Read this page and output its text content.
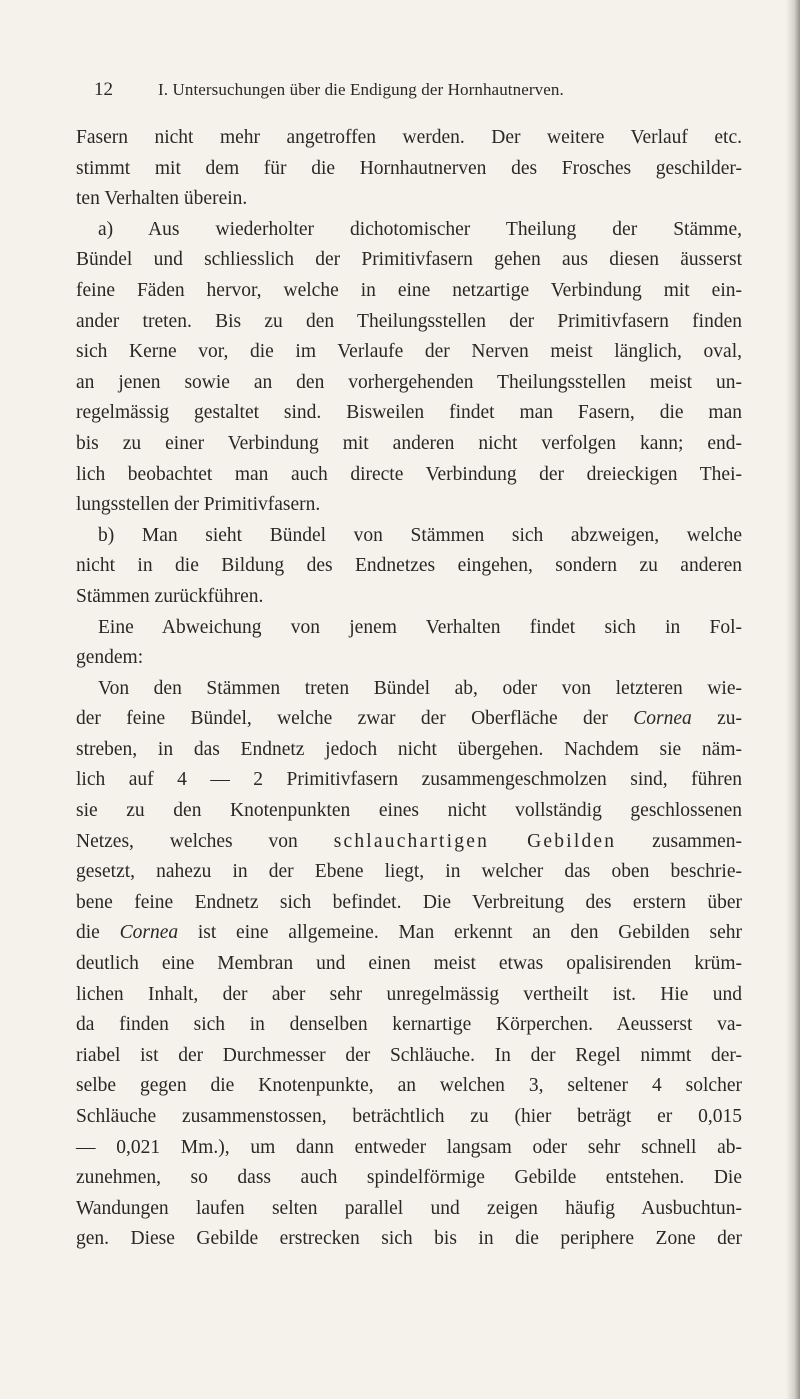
12	I. Untersuchungen über die Endigung der Hornhautnerven.
Fasern nicht mehr angetroffen werden. Der weitere Verlauf etc.
stimmt mit dem für die Hornhautnerven des Frosches geschilder-
ten Verhalten überein.
a) Aus wiederholter dichotomischer Theilung der Stämme,
Bündel und schliesslich der Primitivfasern gehen aus diesen äusserst
feine Fäden hervor, welche in eine netzartige Verbindung mit ein-
ander treten. Bis zu den Theilungsstellen der Primitivfasern finden
sich Kerne vor, die im Verlaufe der Nerven meist länglich, oval,
an jenen sowie an den vorhergehenden Theilungsstellen meist un-
regelmässig gestaltet sind. Bisweilen findet man Fasern, die man
bis zu einer Verbindung mit anderen nicht verfolgen kann; end-
lich beobachtet man auch directe Verbindung der dreieckigen Thei-
lungsstellen der Primitivfasern.
b) Man sieht Bündel von Stämmen sich abzweigen, welche
nicht in die Bildung des Endnetzes eingehen, sondern zu anderen
Stämmen zurückführen.
Eine Abweichung von jenem Verhalten findet sich in Fol-
gendem:
Von den Stämmen treten Bündel ab, oder von letzteren wie-
der feine Bündel, welche zwar der Oberfläche der Cornea zu-
streben, in das Endnetz jedoch nicht übergehen. Nachdem sie näm-
lich auf 4 — 2 Primitivfasern zusammengeschmolzen sind, führen
sie zu den Knotenpunkten eines nicht vollständig geschlossenen
Netzes, welches von schlauchartigen Gebilden zusammen-
gesetzt, nahezu in der Ebene liegt, in welcher das oben beschrie-
bene feine Endnetz sich befindet. Die Verbreitung des erstern über
die Cornea ist eine allgemeine. Man erkennt an den Gebilden sehr
deutlich eine Membran und einen meist etwas opalisirenden krüm-
lichen Inhalt, der aber sehr unregelmässig vertheilt ist. Hie und
da finden sich in denselben kernartige Körperchen. Aeusserst va-
riabel ist der Durchmesser der Schläuche. In der Regel nimmt der-
selbe gegen die Knotenpunkte, an welchen 3, seltener 4 solcher
Schläuche zusammenstossen, beträchtlich zu (hier beträgt er 0,015
— 0,021 Mm.), um dann entweder langsam oder sehr schnell ab-
zunehmen, so dass auch spindelförmige Gebilde entstehen. Die
Wandungen laufen selten parallel und zeigen häufig Ausbuchtun-
gen. Diese Gebilde erstrecken sich bis in die periphere Zone der
